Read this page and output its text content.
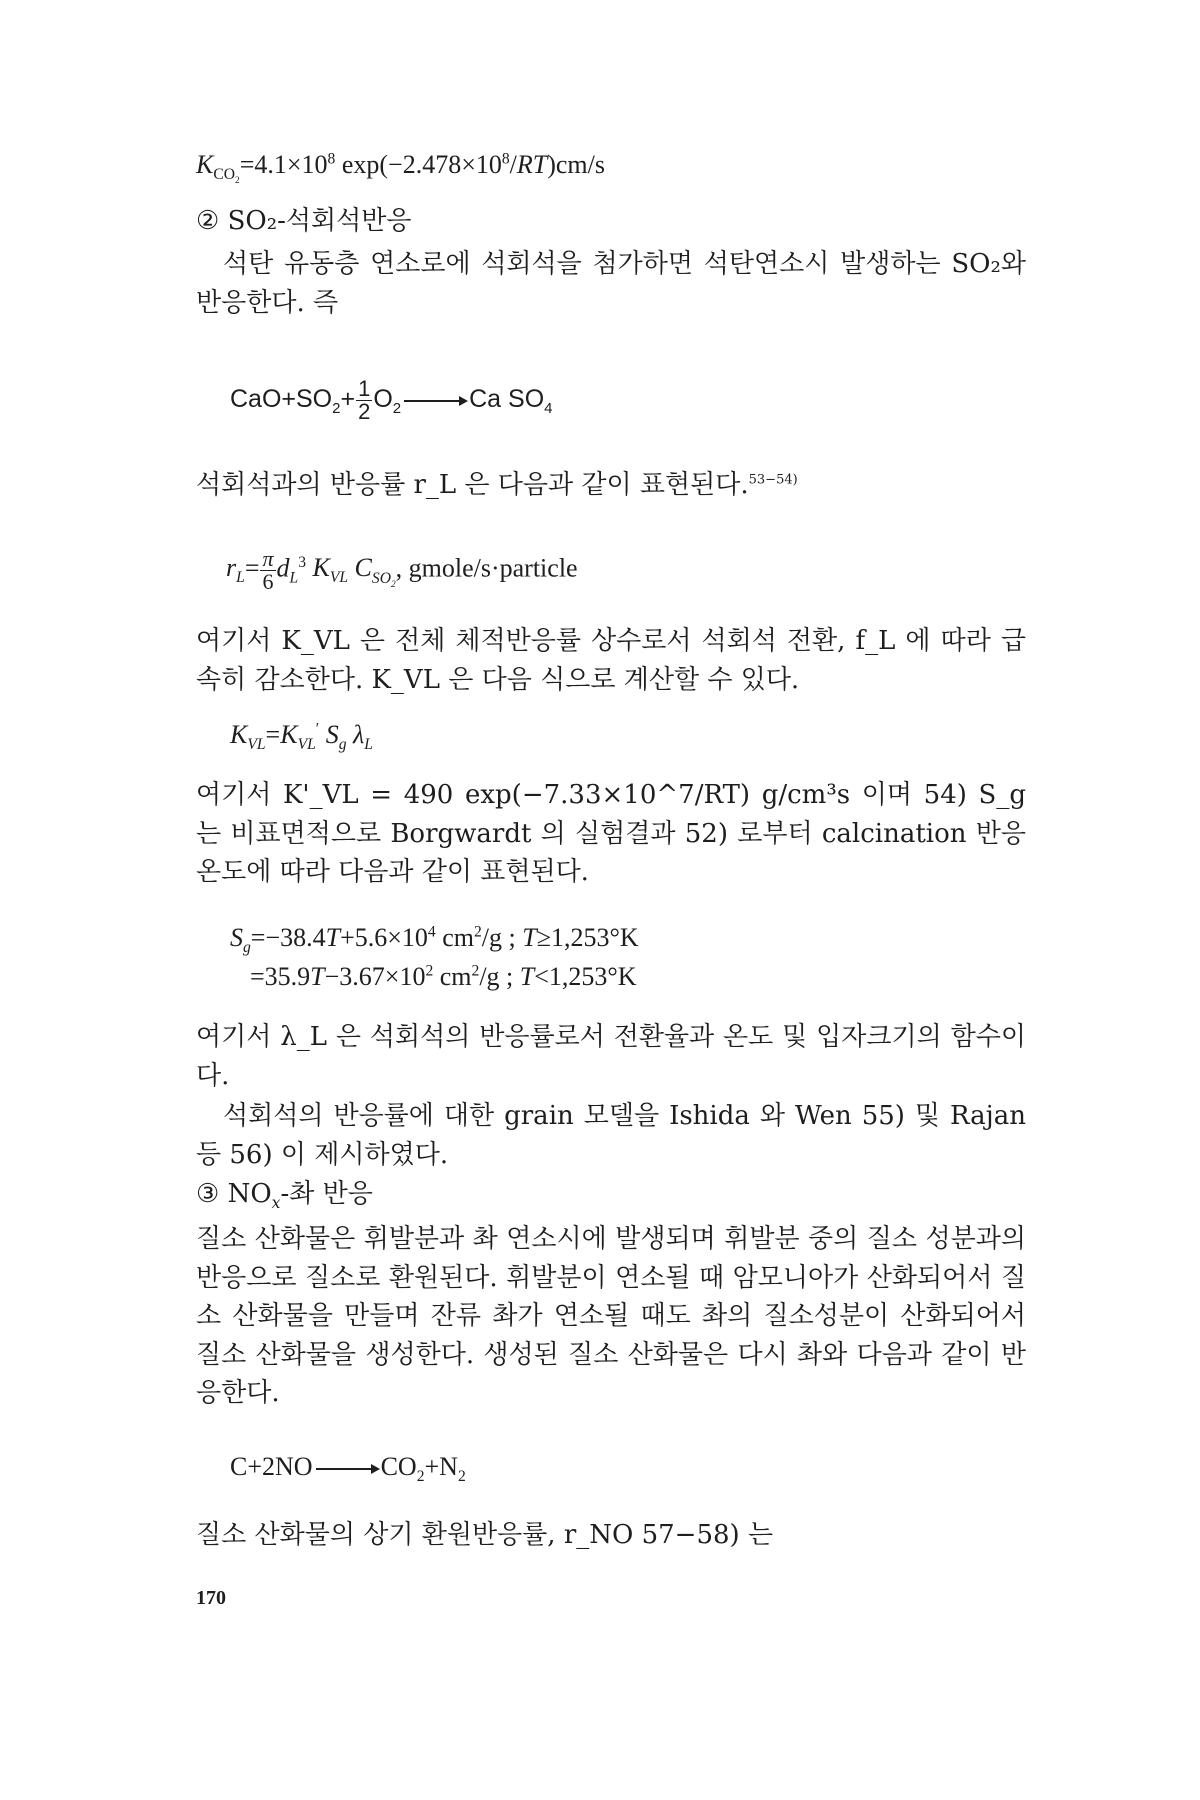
$K_{CO_2}=4.1\times 10^8$ $\exp(-2.478\times 10^8/RT)cm/s$
② SO₂-석회석반응

석탄 유동층 연소로에 석회석을 첨가하면 석탄연소시 발생하는 SO₂와 반응한다. 즉

$CaO+SO_2+ \frac{1}{2} O_2 \to Ca$ $SO_4$
석회석과의 반응률 r_L 은 다음과 같이 표현된다.$^{53-54)}$
$r_L= \frac{\pi}{6} d_L^3$ $K_{VL}$ $C_{SO_2}$, gmole/s·particle

여기서 K_VL 은 전체 체적반응률 상수로서 석회석 전환, f_L 에 따라 급속히 감소한다. K_VL 은 다음 식으로 계산할 수 있다.

$K_{VL}=K_{VL}'$ $S_g$ $\lambda_L$

여기서 K'_VL = 490 exp(−7.33×10^7/RT) g/cm³s 이며 54) S_g 는 비표면적으로 Borgwardt 의 실험결과 52) 로부터 calcination 반응온도에 따라 다음과 같이 표현된다.

$S_g=-38.4T+5.6\times 10^4$ $cm^2/g$ ; T≥1,253°K
$=35.9T-3.67\times 10^2$ $cm^2/g$ ; T<1,253°K

여기서 λ_L 은 석회석의 반응률로서 전환율과 온도 및 입자크기의 함수이다.

석회석의 반응률에 대한 grain 모델을 Ishida 와 Wen 55) 및 Rajan 등 56) 이 제시하였다.

③ $NO_x-$촤 반응

질소 산화물은 휘발분과 촤 연소시에 발생되며 휘발분 중의 질소 성분과의 반응으로 질소로 환원된다. 휘발분이 연소될 때 암모니아가 산화되어서 질소 산화물을 만들며 잔류 촤가 연소될 때도 촤의 질소성분이 산화되어서 질소 산화물을 생성한다. 생성된 질소 산화물은 다시 촤와 다음과 같이 반응한다.

$C+2NO \to CO_2+N_2$

질소 산화물의 상기 환원반응률, r_NO 57−58) 는

170
